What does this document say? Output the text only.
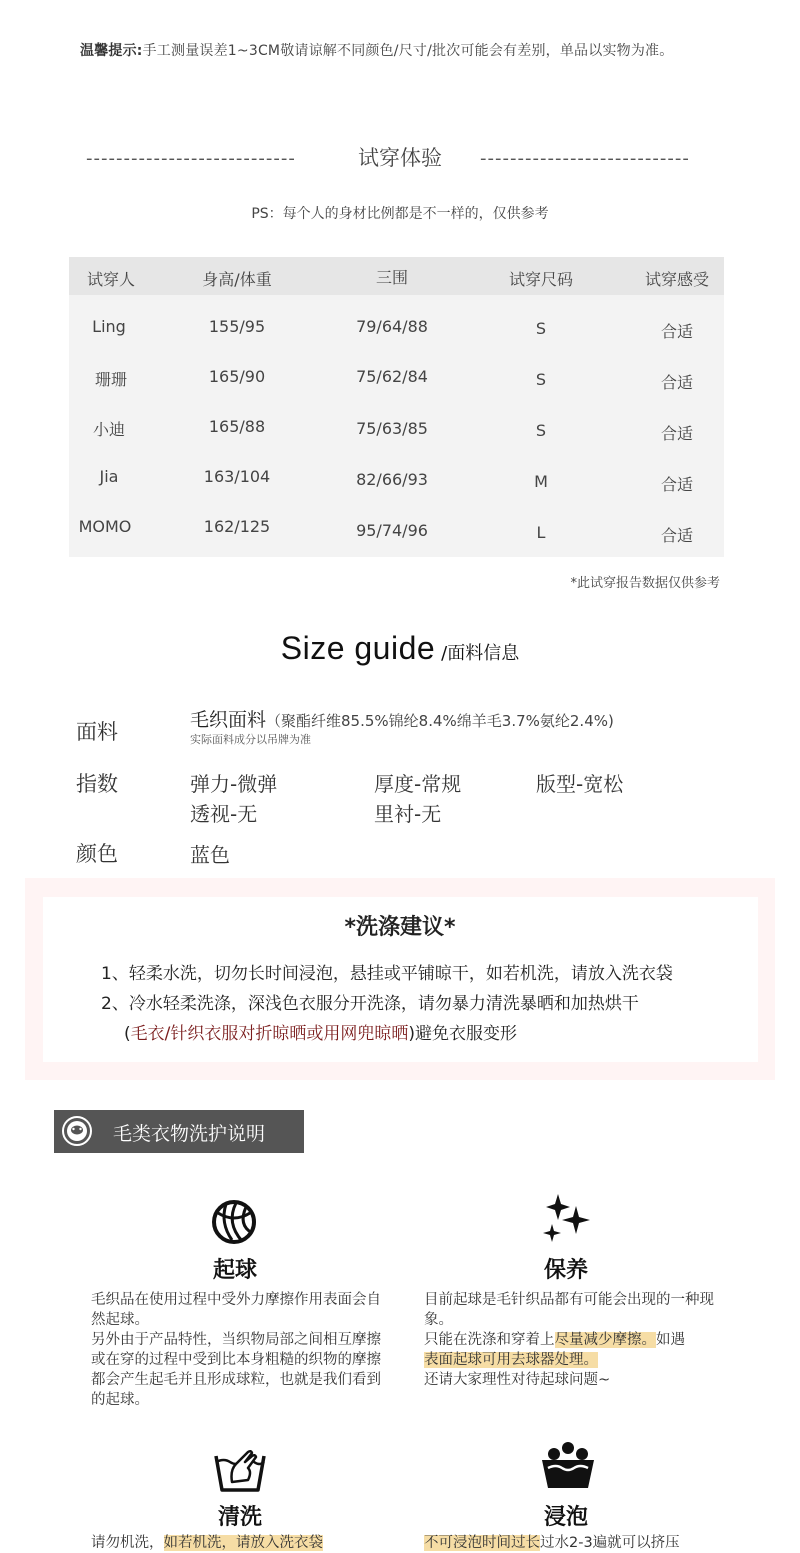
温馨提示:手工测量误差1~3CM敬请谅解不同颜色/尺寸/批次可能会有差别，单品以实物为准。
----------------------------	----------------------------
试穿体验
PS：每个人的身材比例都是不一样的，仅供参考
试穿人	身高/体重	三围	试穿尺码	试穿感受
Ling	155/95	79/64/88	S	合适
珊珊	165/90	75/62/84	S	合适
小迪	165/88	75/63/85	S	合适
Jia	163/104	82/66/93	M	合适
MOMO	162/125	95/74/96	L	合适
*此试穿报告数据仅供参考
Size guide /面料信息
面料	毛织面料（聚酯纤维85.5%锦纶8.4%绵羊毛3.7%氨纶2.4%)
实际面料成分以吊牌为准
指数	弹力-微弹	厚度-常规	版型-宽松
透视-无	里衬-无
颜色	蓝色
*洗涤建议*
1、轻柔水洗，切勿长时间浸泡，悬挂或平铺晾干，如若机洗，请放入洗衣袋
2、冷水轻柔洗涤，深浅色衣服分开洗涤，请勿暴力清洗暴晒和加热烘干
(毛衣/针织衣服对折晾晒或用网兜晾晒)避免衣服变形
毛类衣物洗护说明
起球
毛织品在使用过程中受外力摩擦作用表面会自然起球。
另外由于产品特性，当织物局部之间相互摩擦或在穿的过程中受到比本身粗糙的织物的摩擦都会产生起毛并且形成球粒，也就是我们看到的起球。
保养
目前起球是毛针织品都有可能会出现的一种现象。
只能在洗涤和穿着上尽量减少摩擦。如遇
表面起球可用去球器处理。
还请大家理性对待起球问题~
清洗
请勿机洗，如若机洗，请放入洗衣袋
浸泡
不可浸泡时间过长过水2-3遍就可以挤压
